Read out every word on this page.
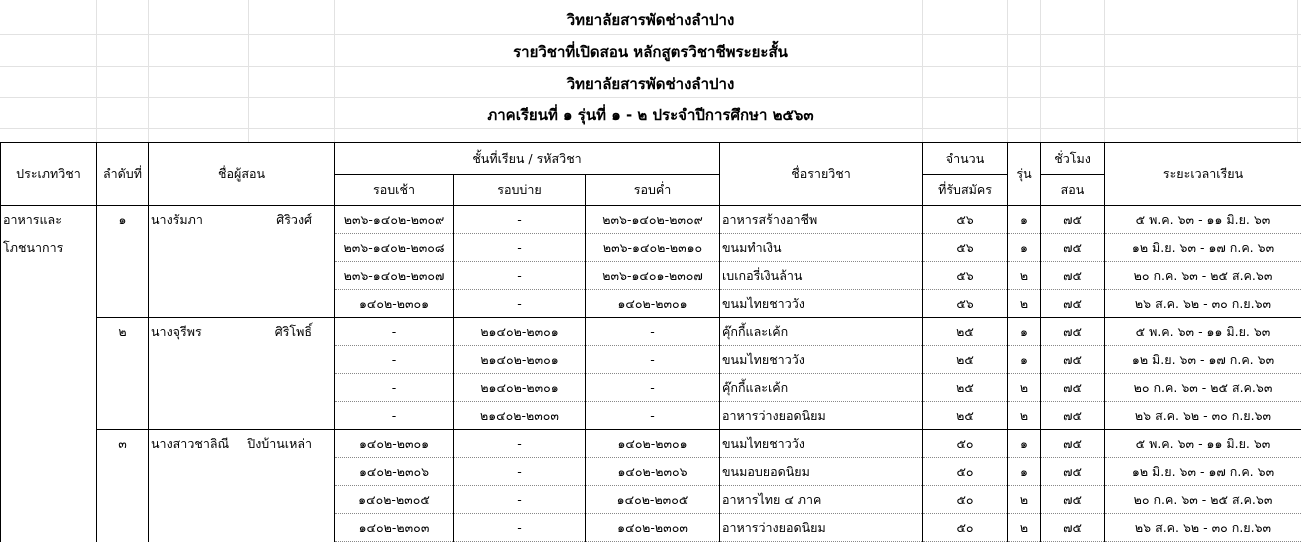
วิทยาลัยสารพัดช่างลำปาง
รายวิชาที่เปิดสอน หลักสูตรวิชาชีพระยะสั้น
วิทยาลัยสารพัดช่างลำปาง
ภาคเรียนที่ ๑ รุ่นที่ ๑ - ๒ ประจำปีการศึกษา ๒๕๖๓
ประเภทวิชา	ลำดับที่	ชื่อผู้สอน	ชั้นที่เรียน / รหัสวิชา			ชื่อรายวิชา	จำนวน	รุ่น	ชั่วโมง	ระยะเวลาเรียน
			รอบเช้า	รอบบ่าย	รอบค่ำ		ที่รับสมัคร		สอน	
อาหารและ	๑	นางรัมภา ศิริวงศ์	๒๓๖-๑๔๐๒-๒๓๐๙	-	๒๓๖-๑๔๐๒-๒๓๐๙	อาหารสร้างอาชีพ	๕๖	๑	๗๕	๕ พ.ค. ๖๓ - ๑๑ มิ.ย. ๖๓
โภชนาการ			๒๓๖-๑๔๐๒-๒๓๐๘	-	๒๓๖-๑๔๐๒-๒๓๑๐	ขนมทำเงิน	๕๖	๑	๗๕	๑๒ มิ.ย. ๖๓ - ๑๗ ก.ค. ๖๓
			๒๓๖-๑๔๐๒-๒๓๐๗	-	๒๓๖-๑๔๐๑-๒๓๐๗	เบเกอรี่เงินล้าน	๕๖	๒	๗๕	๒๐ ก.ค. ๖๓ - ๒๕ ส.ค.๖๓
			๑๔๐๒-๒๓๐๑	-	๑๔๐๒-๒๓๐๑	ขนมไทยชาววัง	๕๖	๒	๗๕	๒๖ ส.ค. ๖๒ - ๓๐ ก.ย.๖๓
	๒	นางจุรีพร ศิริโพธิ์	-	๒๑๔๐๒-๒๓๐๑	-	คุ๊กกี้และเค้ก	๒๕	๑	๗๕	๕ พ.ค. ๖๓ - ๑๑ มิ.ย. ๖๓
			-	๒๑๔๐๒-๒๓๐๑	-	ขนมไทยชาววัง	๒๕	๑	๗๕	๑๒ มิ.ย. ๖๓ - ๑๗ ก.ค. ๖๓
			-	๒๑๔๐๒-๒๓๐๑	-	คุ๊กกี้และเค้ก	๒๕	๒	๗๕	๒๐ ก.ค. ๖๓ - ๒๕ ส.ค.๖๓
			-	๒๑๔๐๒-๒๓๐๓	-	อาหารว่างยอดนิยม	๒๕	๒	๗๕	๒๖ ส.ค. ๖๒ - ๓๐ ก.ย.๖๓
	๓	นางสาวชาลิณี ปิงบ้านเหล่า	๑๔๐๒-๒๓๐๑	-	๑๔๐๒-๒๓๐๑	ขนมไทยชาววัง	๕๐	๑	๗๕	๕ พ.ค. ๖๓ - ๑๑ มิ.ย. ๖๓
			๑๔๐๒-๒๓๐๖	-	๑๔๐๒-๒๓๐๖	ขนมอบยอดนิยม	๕๐	๑	๗๕	๑๒ มิ.ย. ๖๓ - ๑๗ ก.ค. ๖๓
			๑๔๐๒-๒๓๐๕	-	๑๔๐๒-๒๓๐๕	อาหารไทย ๔ ภาค	๕๐	๒	๗๕	๒๐ ก.ค. ๖๓ - ๒๕ ส.ค.๖๓
			๑๔๐๒-๒๓๐๓	-	๑๔๐๒-๒๓๐๓	อาหารว่างยอดนิยม	๕๐	๒	๗๕	๒๖ ส.ค. ๖๒ - ๓๐ ก.ย.๖๓
